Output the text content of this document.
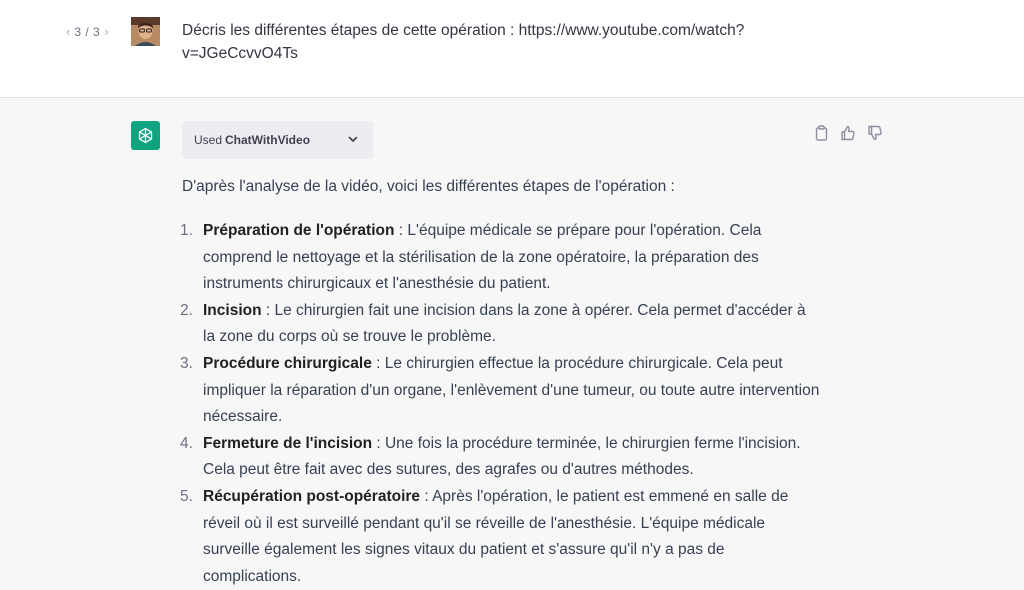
‹ 3 / 3 ›	Décris les différentes étapes de cette opération : https://www.youtube.com/watch?
v=JGeCcvvO4Ts
Used ChatWithVideo
D'après l'analyse de la vidéo, voici les différentes étapes de l'opération :
1. Préparation de l'opération : L'équipe médicale se prépare pour l'opération. Cela comprend le nettoyage et la stérilisation de la zone opératoire, la préparation des instruments chirurgicaux et l'anesthésie du patient.
2. Incision : Le chirurgien fait une incision dans la zone à opérer. Cela permet d'accéder à la zone du corps où se trouve le problème.
3. Procédure chirurgicale : Le chirurgien effectue la procédure chirurgicale. Cela peut impliquer la réparation d'un organe, l'enlèvement d'une tumeur, ou toute autre intervention nécessaire.
4. Fermeture de l'incision : Une fois la procédure terminée, le chirurgien ferme l'incision. Cela peut être fait avec des sutures, des agrafes ou d'autres méthodes.
5. Récupération post-opératoire : Après l'opération, le patient est emmené en salle de réveil où il est surveillé pendant qu'il se réveille de l'anesthésie. L'équipe médicale surveille également les signes vitaux du patient et s'assure qu'il n'y a pas de complications.
